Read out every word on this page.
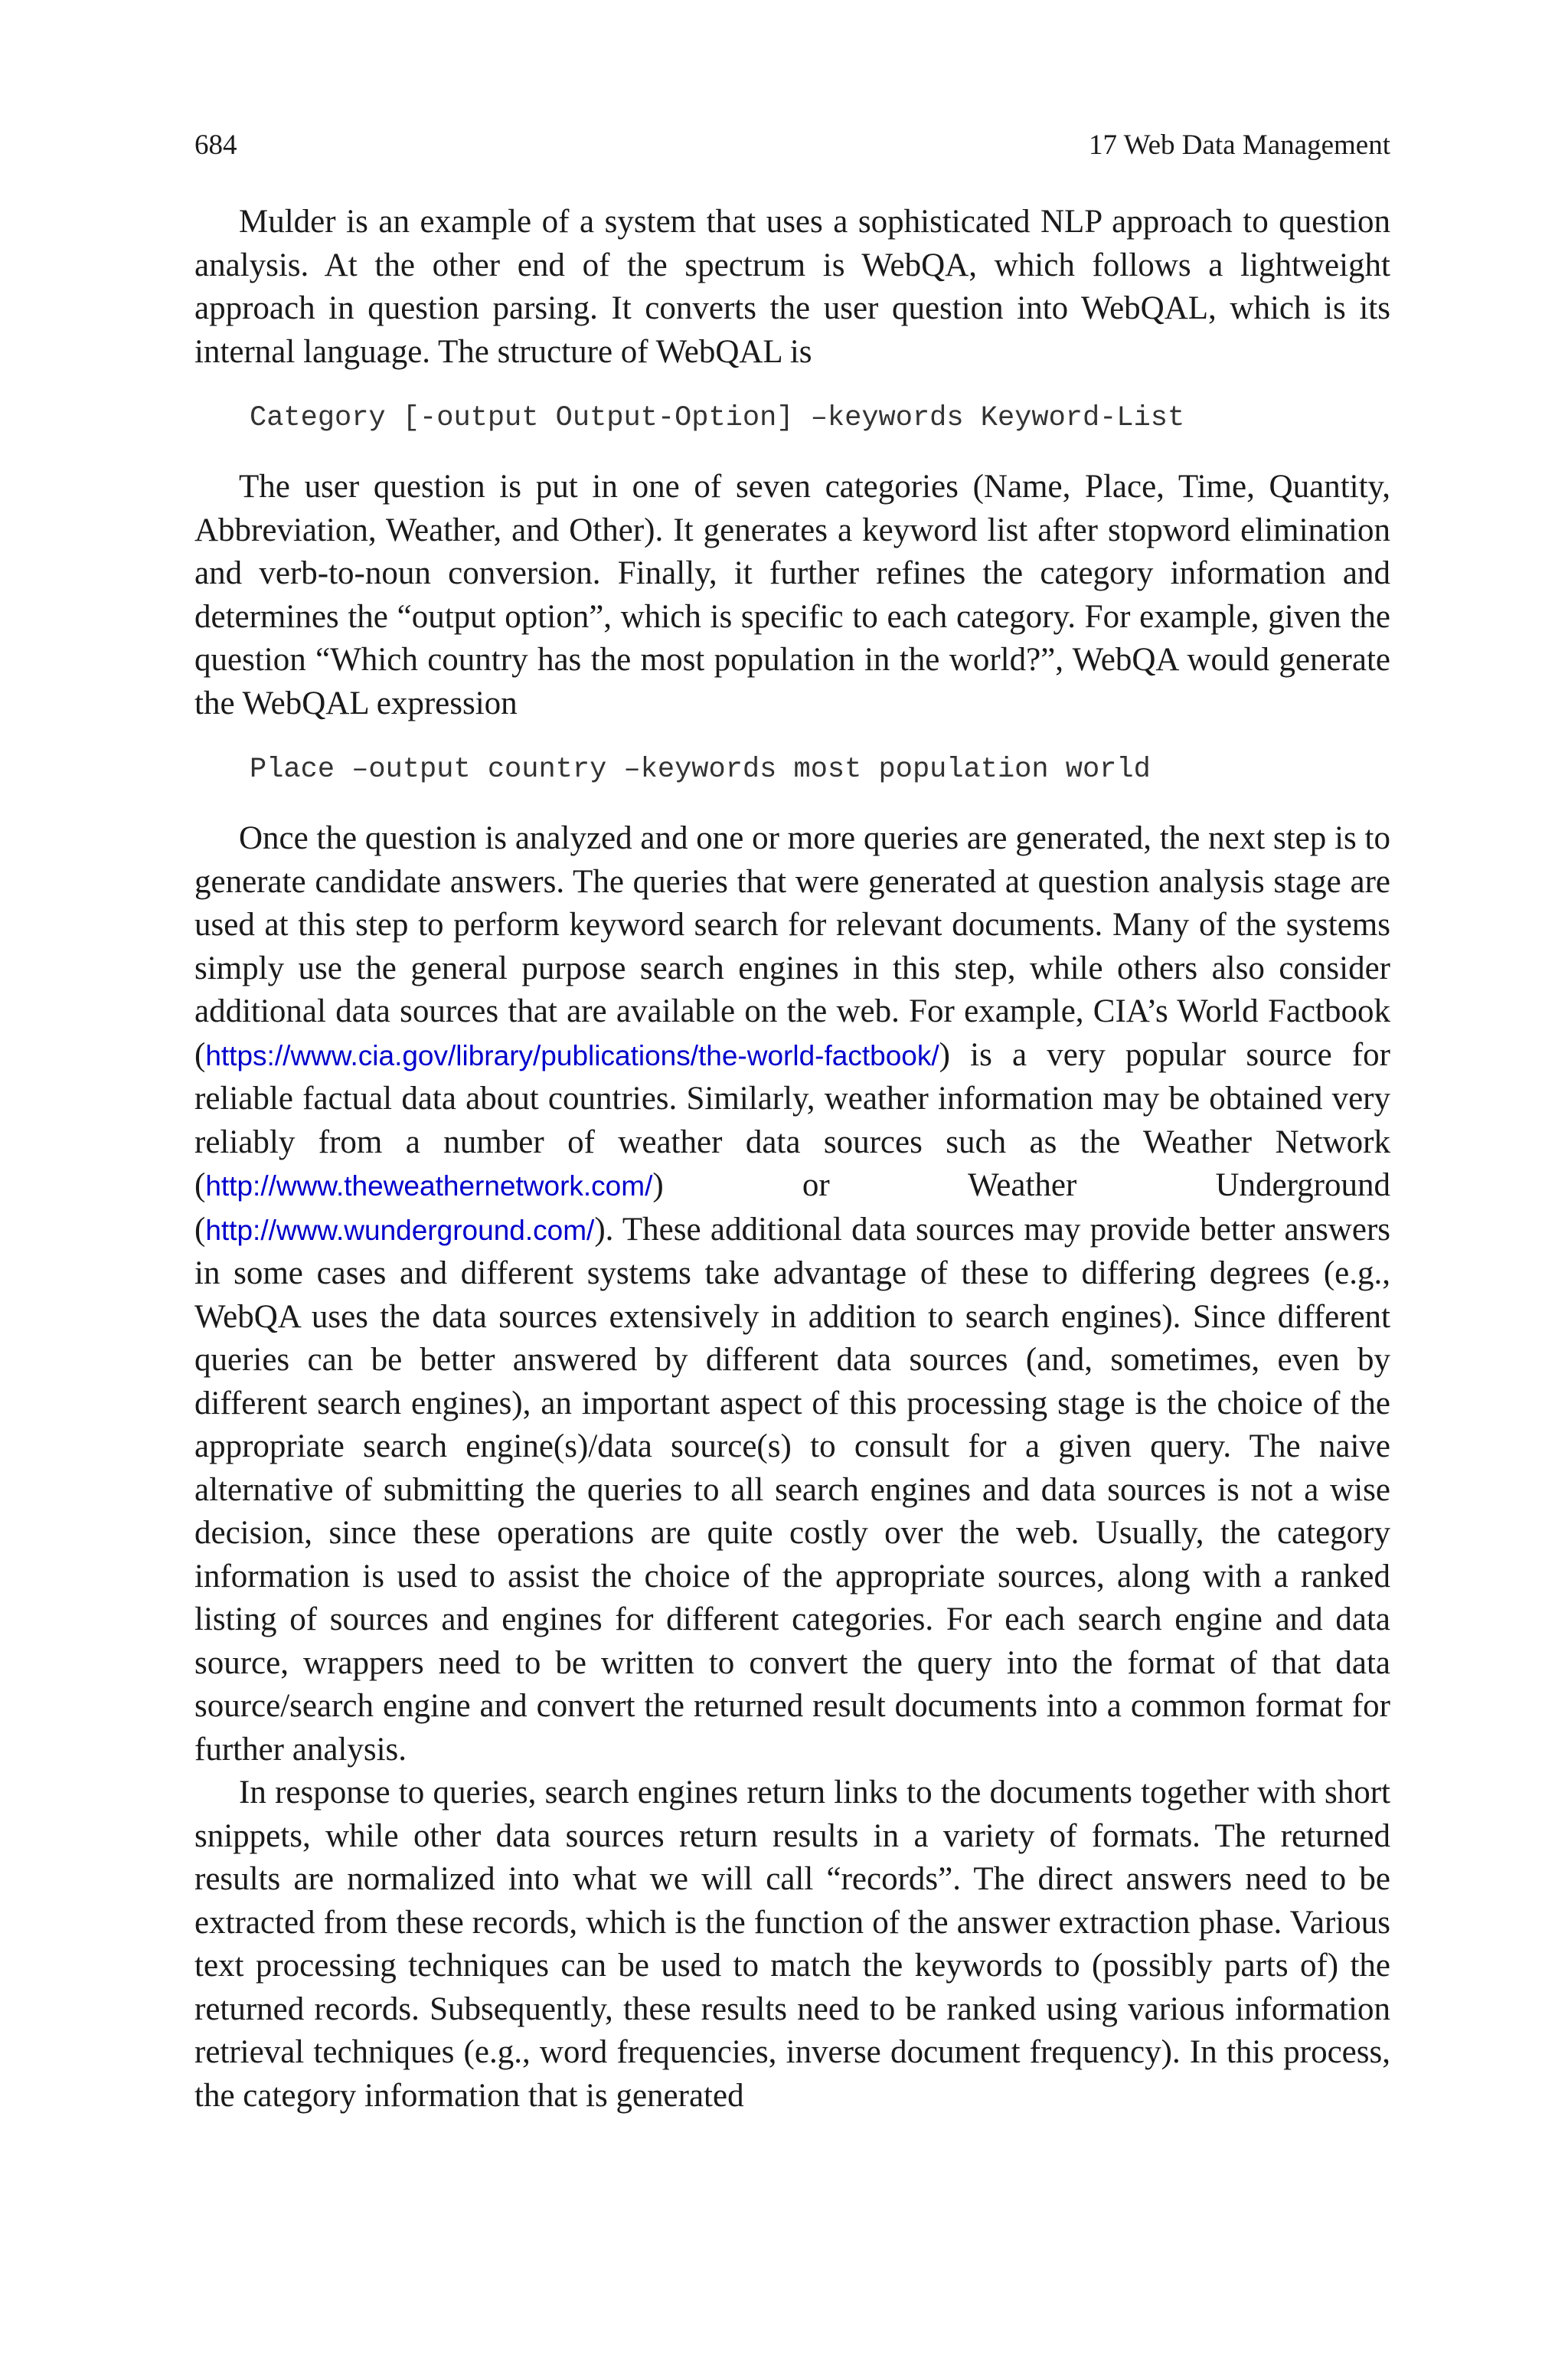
684	17 Web Data Management

Mulder is an example of a system that uses a sophisticated NLP approach to question analysis. At the other end of the spectrum is WebQA, which follows a lightweight approach in question parsing. It converts the user question into WebQAL, which is its internal language. The structure of WebQAL is

Category [-output Output-Option] –keywords Keyword-List

The user question is put in one of seven categories (Name, Place, Time, Quantity, Abbreviation, Weather, and Other). It generates a keyword list after stopword elimination and verb-to-noun conversion. Finally, it further refines the category information and determines the “output option”, which is specific to each category. For example, given the question “Which country has the most population in the world?”, WebQA would generate the WebQAL expression

Place –output country –keywords most population world

Once the question is analyzed and one or more queries are generated, the next step is to generate candidate answers. The queries that were generated at question analysis stage are used at this step to perform keyword search for relevant documents. Many of the systems simply use the general purpose search engines in this step, while others also consider additional data sources that are available on the web. For example, CIA’s World Factbook (https://www.cia.gov/library/publications/the-world-factbook/) is a very popular source for reliable factual data about countries. Similarly, weather information may be obtained very reliably from a number of weather data sources such as the Weather Network (http://www.theweathernetwork.com/) or Weather Underground (http://www.wunderground.com/). These additional data sources may provide better answers in some cases and different systems take advantage of these to differing degrees (e.g., WebQA uses the data sources extensively in addition to search engines). Since different queries can be better answered by different data sources (and, sometimes, even by different search engines), an important aspect of this processing stage is the choice of the appropriate search engine(s)/data source(s) to consult for a given query. The naive alternative of submitting the queries to all search engines and data sources is not a wise decision, since these operations are quite costly over the web. Usually, the category information is used to assist the choice of the appropriate sources, along with a ranked listing of sources and engines for different categories. For each search engine and data source, wrappers need to be written to convert the query into the format of that data source/search engine and convert the returned result documents into a common format for further analysis.

In response to queries, search engines return links to the documents together with short snippets, while other data sources return results in a variety of formats. The returned results are normalized into what we will call “records”. The direct answers need to be extracted from these records, which is the function of the answer extraction phase. Various text processing techniques can be used to match the keywords to (possibly parts of) the returned records. Subsequently, these results need to be ranked using various information retrieval techniques (e.g., word frequencies, inverse document frequency). In this process, the category information that is generated
